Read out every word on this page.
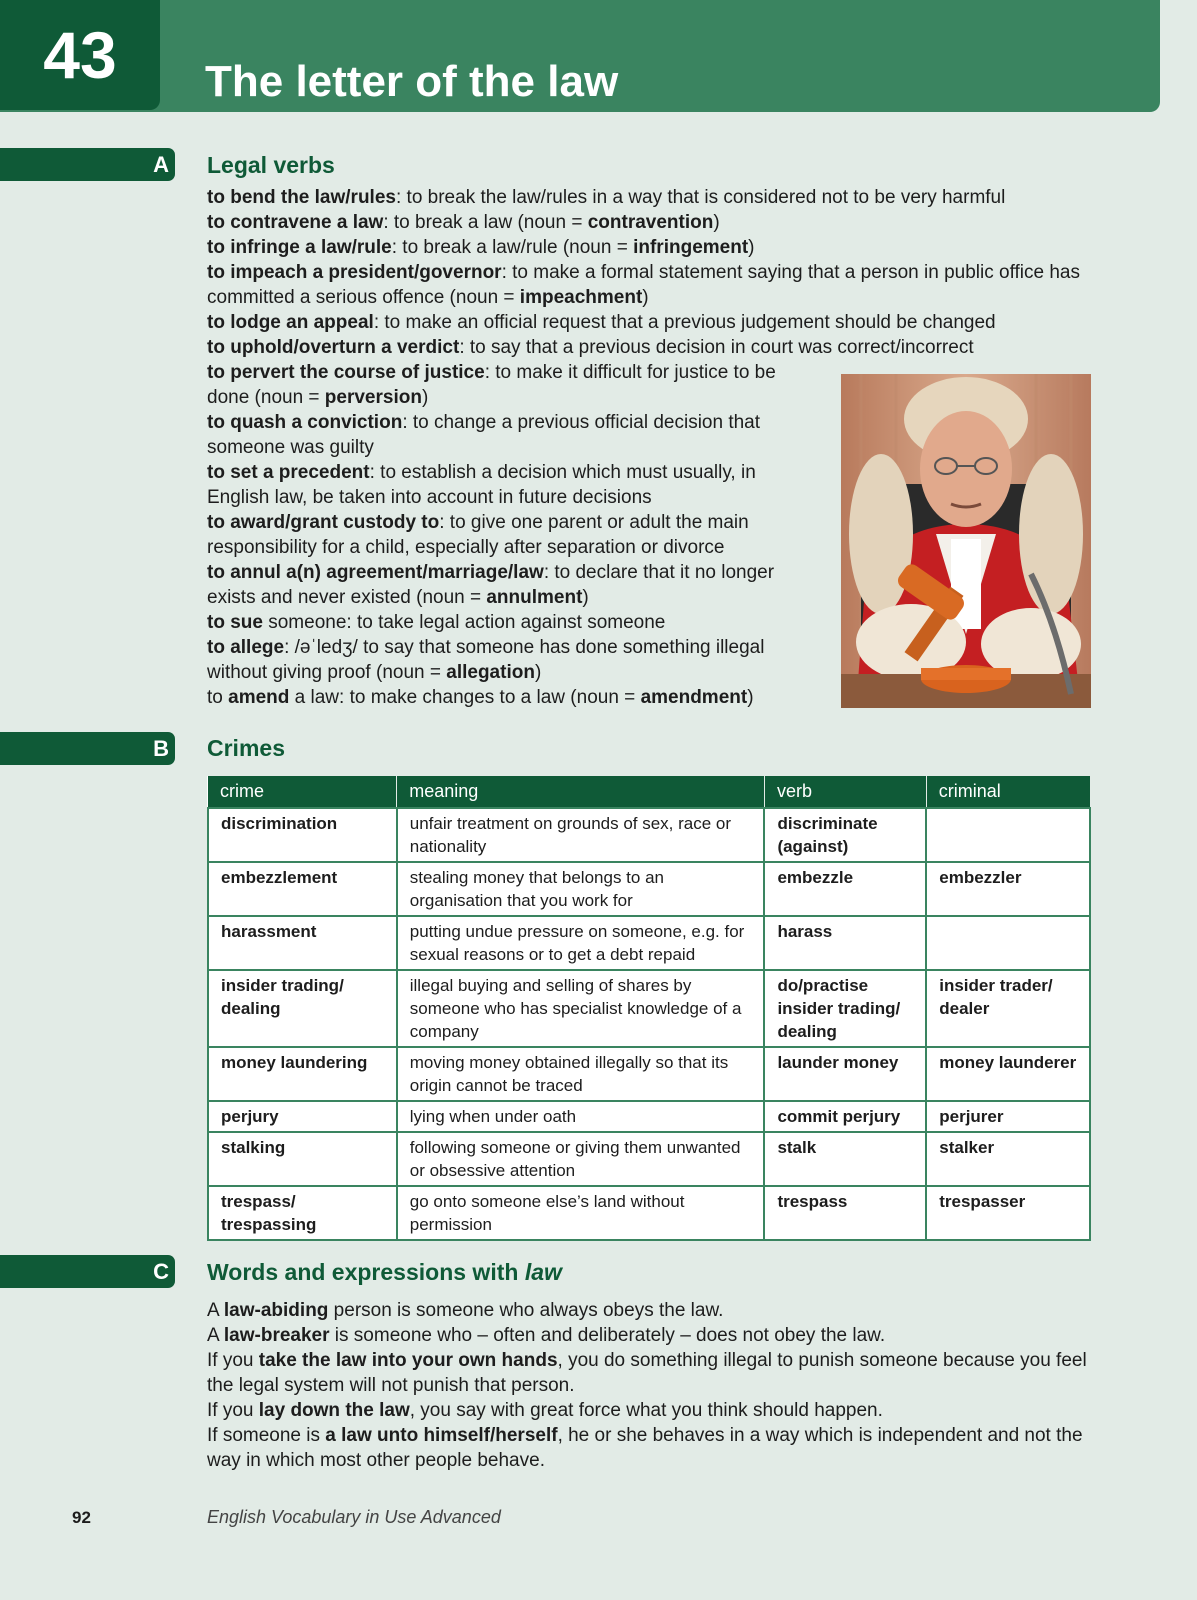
43	The letter of the law
A Legal verbs

to bend the law/rules: to break the law/rules in a way that is considered not to be very harmful

to contravene a law: to break a law (noun = contravention)

to infringe a law/rule: to break a law/rule (noun = infringement)

to impeach a president/governor: to make a formal statement saying that a person in public office has committed a serious offence (noun = impeachment)

to lodge an appeal: to make an official request that a previous judgement should be changed

to uphold/overturn a verdict: to say that a previous decision in court was correct/incorrect

to pervert the course of justice: to make it difficult for justice to be done (noun = perversion)

to quash a conviction: to change a previous official decision that someone was guilty

to set a precedent: to establish a decision which must usually, in English law, be taken into account in future decisions

to award/grant custody to: to give one parent or adult the main responsibility for a child, especially after separation or divorce

to annul a(n) agreement/marriage/law: to declare that it no longer exists and never existed (noun = annulment)

to sue someone: to take legal action against someone

to allege: /əˈledʒ/ to say that someone has done something illegal without giving proof (noun = allegation)

to amend a law: to make changes to a law (noun = amendment)

B Crimes
crime	meaning	verb	criminal
discrimination	unfair treatment on grounds of sex, race or nationality	discriminate (against)	
embezzlement	stealing money that belongs to an organisation that you work for	embezzle	embezzler
harassment	putting undue pressure on someone, e.g. for sexual reasons or to get a debt repaid	harass	
insider trading/ dealing	illegal buying and selling of shares by someone who has specialist knowledge of a company	do/practise insider trading/ dealing	insider trader/ dealer
money laundering	moving money obtained illegally so that its origin cannot be traced	launder money	money launderer
perjury	lying when under oath	commit perjury	perjurer
stalking	following someone or giving them unwanted or obsessive attention	stalk	stalker
trespass/ trespassing	go onto someone else’s land without permission	trespass	trespasser
C Words and expressions with law

A law-abiding person is someone who always obeys the law.

A law-breaker is someone who – often and deliberately – does not obey the law.

If you take the law into your own hands, you do something illegal to punish someone because you feel the legal system will not punish that person.

If you lay down the law, you say with great force what you think should happen.

If someone is a law unto himself/herself, he or she behaves in a way which is independent and not the way in which most other people behave.

92	English Vocabulary in Use Advanced
